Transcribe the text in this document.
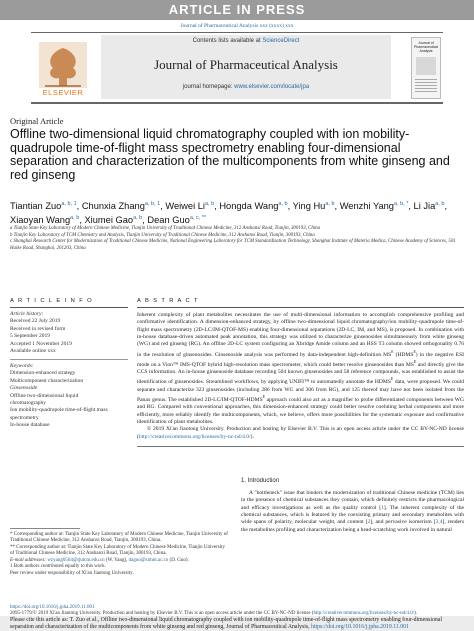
ARTICLE IN PRESS
Journal of Pharmaceutical Analysis xxx (xxxx) xxx
ELSEVIER
Contents lists available at ScienceDirect
Journal of Pharmaceutical Analysis
journal homepage: www.elsevier.com/locate/jpa
Journal of Pharmaceutical Analysis
Original Article
Offline two-dimensional liquid chromatography coupled with ion mobility-quadrupole time-of-flight mass spectrometry enabling four-dimensional separation and characterization of the multicomponents from white ginseng and red ginseng
Tiantian Zuo$^{a, b, 1}$, Chunxia Zhang$^{a, b, 1}$, Weiwei Li$^{a, b}$, Hongda Wang$^{a, b}$, Ying Hu$^{a, b}$, Wenzhi Yang$^{a, b, *}$, Li Jia$^{a, b}$, Xiaoyan Wang$^{a, b}$, Xiumei Gao$^{a, b}$, Dean Guo$^{a, c, **}$
a Tianjin State Key Laboratory of Modern Chinese Medicine, Tianjin University of Traditional Chinese Medicine, 312 Anshanxi Road, Tianjin, 300193, China
b Tianjin Key Laboratory of TCM Chemistry and Analysis, Tianjin University of Traditional Chinese Medicine, 312 Anshanxi Road, Tianjin, 300193, China
c Shanghai Research Center for Modernization of Traditional Chinese Medicine, National Engineering Laboratory for TCM Standardization Technology, Shanghai Institute of Materia Medica, Chinese Academy of Sciences, 501 Haike Road, Shanghai, 201203, China
A R T I C L E I N F O
Article history:
Received 22 July 2019
Received in revised form
5 September 2019
Accepted 1 November 2019
Available online xxx
Keywords:
Dimension-enhanced strategy
Multicomponent characterization
Ginsenoside
Offline two-dimensional liquid
chromatography
Ion mobility-quadrupole time-of-flight mass
spectrometry
In-house database
A B S T R A C T
Inherent complexity of plant metabolites necessitates the use of multi-dimensional information to accomplish comprehensive profiling and confirmative identification. A dimension-enhanced strategy, by offline two-dimensional liquid chromatography/ion mobility-quadrupole time-of-flight mass spectrometry (2D-LC/IM-QTOF-MS) enabling four-dimensional separations (2D-LC, IM, and MS), is proposed. In combination with in-house database-driven automated peak annotation, this strategy was utilized to characterize ginsenosides simultaneously from white ginseng (WG) and red ginseng (RG). An offline 2D-LC system configuring an Xbridge Amide column and an HSS T3 column showed orthogonality 0.76 in the resolution of ginsenosides. Ginsenoside analysis was performed by data-independent high-definition $MS^E$ $(HDMS^E)$ in the negative ESI mode on a Vion™ IMS-QTOF hybrid high-resolution mass spectrometer, which could better resolve ginsenosides than $MS^E$ and directly give the CCS information. An in-house ginsenoside database recording 504 known ginsenosides and 58 reference compounds, was established to assist the identification of ginsenosides. Streamlined workflows, by applying UNIFI™ to automatedly annotate the $HDMS^E$ data, were proposed. We could separate and characterize 323 ginsenosides (including 286 from WG and 306 from RG), and 125 thereof may have not been isolated from the Panax genus. The established $2D-LC/IM-QTOF-HDMS^E$ approach could also act as a magnifier to probe differentiated components between WG and RG. Compared with conventional approaches, this dimension-enhanced strategy could better resolve coeluting herbal components and more efficiently, more reliably identify the multicomponents, which, we believe, offers more possibilities for the systematic exposure and confirmative identification of plant metabolites.
© 2019 Xi'an Jiaotong University. Production and hosting by Elsevier B.V. This is an open access article under the CC BY-NC-ND license (http://creativecommons.org/licenses/by-nc-nd/4.0/).
1. Introduction
A "bottleneck" issue that hinders the modernization of traditional Chinese medicine (TCM) lies in the presence of chemical substances they contain, which definitely restricts the pharmacological and efficacy investigations as well as the quality control [1]. The inherent complexity of the chemical substances, which is featured by the coexisting primary and secondary metabolites with wide spans of polarity, molecular weight, and content [2], and pervasive isomerism [3,4], renders the metabolites profiling and characterization being a head-scratching work involved in natural
* Corresponding author at: Tianjin State Key Laboratory of Modern Chinese Medicine, Tianjin University of Traditional Chinese Medicine, 312 Anshanxi Road, Tianjin, 300193, China.
** Corresponding author at: Tianjin State Key Laboratory of Modern Chinese Medicine, Tianjin University of Traditional Chinese Medicine, 312 Anshanxi Road, Tianjin, 300193, China.
E-mail addresses: wzyang0504@tjutcm.edu.cn (W. Yang), daguo@simm.ac.cn (D. Guo).
1 Both authors contributed equally to this work.
Peer review under responsibility of Xi'an Jiaotong University.
https://doi.org/10.1016/j.jpha.2019.11.001
2095-1779/© 2019 Xi'an Jiaotong University. Production and hosting by Elsevier B.V. This is an open access article under the CC BY-NC-ND license (http://creativecommons.org/licenses/by-nc-nd/4.0/).
Please cite this article as: T. Zuo et al., Offline two-dimensional liquid chromatography coupled with ion mobility-quadrupole time-of-flight mass spectrometry enabling four-dimensional separation and characterization of the multicomponents from white ginseng and red ginseng, Journal of Pharmaceutical Analysis, https://doi.org/10.1016/j.jpha.2019.11.001
